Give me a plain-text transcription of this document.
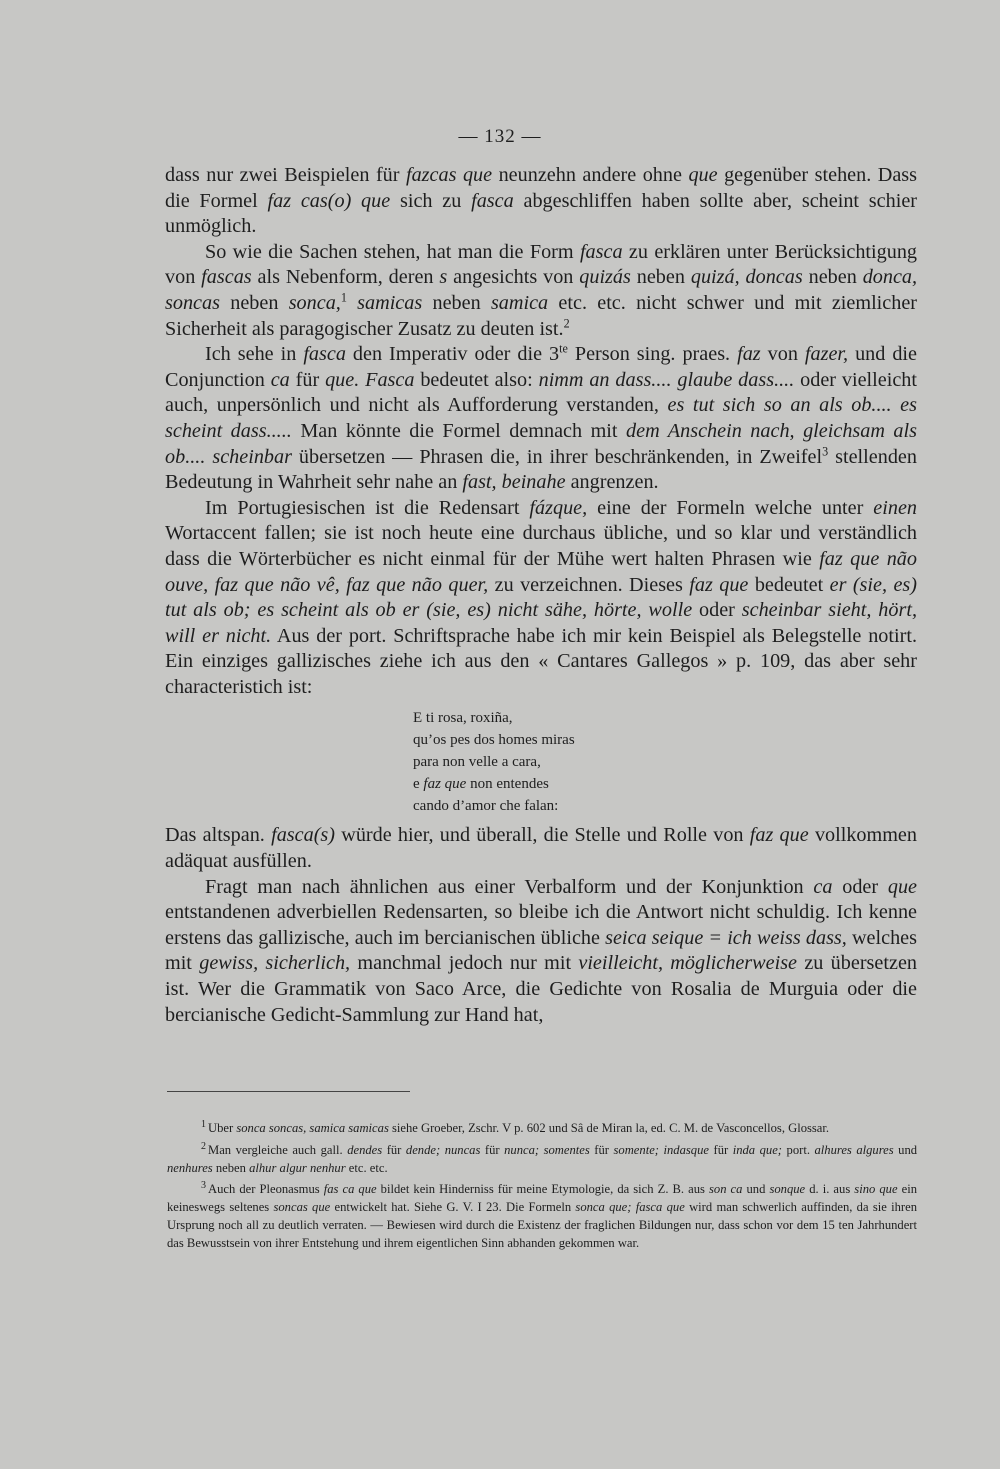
— 132 —

dass nur zwei Beispielen für fazcas que neunzehn andere ohne que gegenüber stehen. Dass die Formel faz cas(o) que sich zu fasca abgeschliffen haben sollte aber, scheint schier unmöglich.

So wie die Sachen stehen, hat man die Form fasca zu erklären unter Berücksichtigung von fascas als Nebenform, deren s angesichts von quizás neben quizá, doncas neben donca, soncas neben sonca,$^1$ samicas neben samica etc. etc. nicht schwer und mit ziemlicher Sicherheit als paragogischer Zusatz zu deuten ist.$^2$

Ich sehe in fasca den Imperativ oder die $3^{te}$ Person sing. praes. faz von fazer, und die Conjunction ca für que. Fasca bedeutet also: nimm an dass.... glaube dass.... oder vielleicht auch, unpersönlich und nicht als Aufforderung verstanden, es tut sich so an als ob.... es scheint dass..... Man könnte die Formel demnach mit dem Anschein nach, gleichsam als ob.... scheinbar übersetzen — Phrasen die, in ihrer beschränkenden, in Zweifel$^3$ stellenden Bedeutung in Wahrheit sehr nahe an fast, beinahe angrenzen.

Im Portugiesischen ist die Redensart fázque, eine der Formeln welche unter einen Wortaccent fallen; sie ist noch heute eine durchaus übliche, und so klar und verständlich dass die Wörterbücher es nicht einmal für der Mühe wert halten Phrasen wie faz que não ouve, faz que não vê, faz que não quer, zu verzeichnen. Dieses faz que bedeutet er (sie, es) tut als ob; es scheint als ob er (sie, es) nicht sähe, hörte, wolle oder scheinbar sieht, hört, will er nicht. Aus der port. Schriftsprache habe ich mir kein Beispiel als Belegstelle notirt. Ein einziges gallizisches ziehe ich aus den « Cantares Gallegos » p. 109, das aber sehr characteristich ist:

E ti rosa, roxiña,
qu’os pes dos homes miras
para non velle a cara,
e faz que non entendes
cando d’amor che falan:

Das altspan. fasca(s) würde hier, und überall, die Stelle und Rolle von faz que vollkommen adäquat ausfüllen.

Fragt man nach ähnlichen aus einer Verbalform und der Konjunktion ca oder que entstandenen adverbiellen Redensarten, so bleibe ich die Antwort nicht schuldig. Ich kenne erstens das gallizische, auch im bercianischen übliche seica seique = ich weiss dass, welches mit gewiss, sicherlich, manchmal jedoch nur mit vieilleicht, möglicherweise zu übersetzen ist. Wer die Grammatik von Saco Arce, die Gedichte von Rosalia de Murguia oder die bercianische Gedicht-Sammlung zur Hand hat,

$^1$ Uber sonca soncas, samica samicas siehe Groeber, Zschr. V p. 602 und Sâ de Miran la, ed. C. M. de Vasconcellos, Glossar.

$^2$ Man vergleiche auch gall. dendes für dende; nuncas für nunca; somentes für somente; indasque für inda que; port. alhures algures und nenhures neben alhur algur nenhur etc. etc.

$^3$ Auch der Pleonasmus fas ca que bildet kein Hinderniss für meine Etymologie, da sich Z. B. aus son ca und sonque d. i. aus sino que ein keineswegs seltenes soncas que entwickelt hat. Siehe G. V. I 23. Die Formeln sonca que; fasca que wird man schwerlich auffinden, da sie ihren Ursprung noch all zu deutlich verraten. — Bewiesen wird durch die Existenz der fraglichen Bildungen nur, dass schon vor dem 15 ten Jahrhundert das Bewusstsein von ihrer Entstehung und ihrem eigentlichen Sinn abhanden gekommen war.
